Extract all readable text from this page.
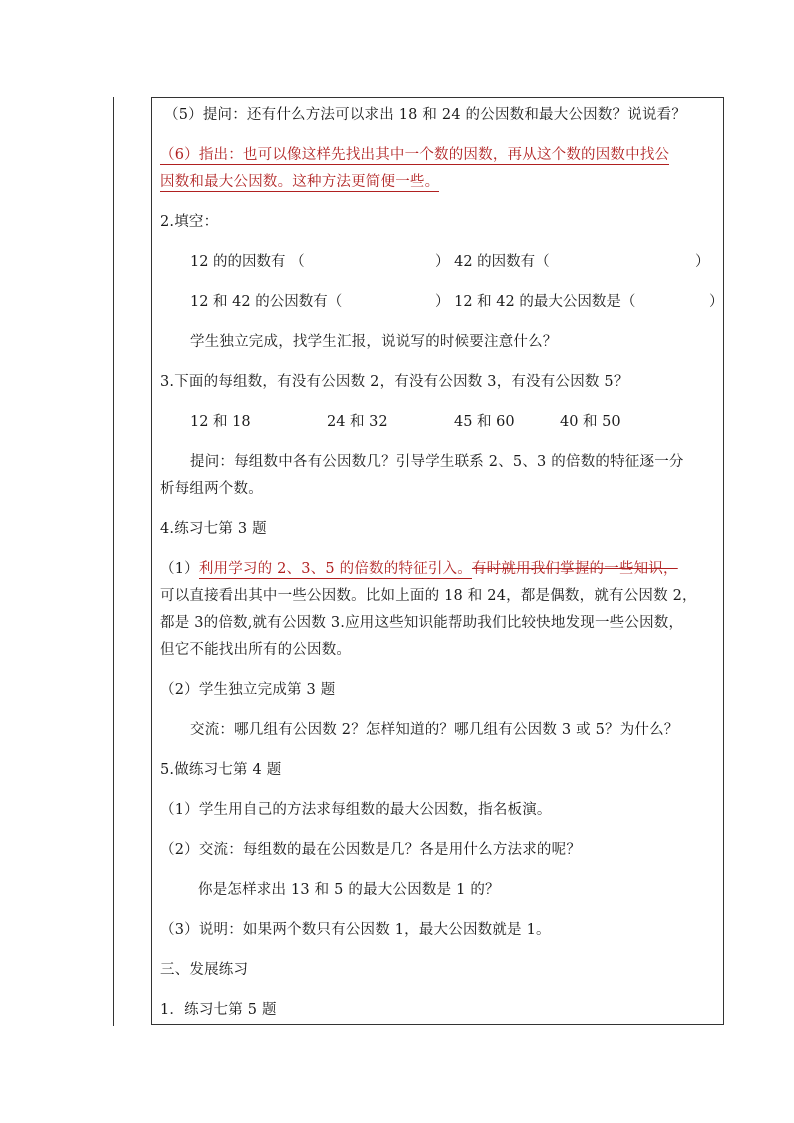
（5）提问：还有什么方法可以求出 18 和 24 的公因数和最大公因数？说说看？
（6）指出：也可以像这样先找出其中一个数的因数，再从这个数的因数中找公
因数和最大公因数。这种方法更简便一些。
2.填空：
12 的的因数有 （	） 42 的因数有（	）
12 和 42 的公因数有（	） 12 和 42 的最大公因数是（	）
学生独立完成，找学生汇报，说说写的时候要注意什么？
3.下面的每组数，有没有公因数 2，有没有公因数 3，有没有公因数 5？
12 和 18	24 和 32	45 和 60	40 和 50
提问：每组数中各有公因数几？引导学生联系 2、5、3 的倍数的特征逐一分
析每组两个数。
4.练习七第 3 题
（1）利用学习的 2、3、5 的倍数的特征引入。有时就用我们掌握的一些知识，
可以直接看出其中一些公因数。比如上面的 18 和 24，都是偶数，就有公因数 2，
都是 3的倍数,就有公因数 3.应用这些知识能帮助我们比较快地发现一些公因数，
但它不能找出所有的公因数。
（2）学生独立完成第 3 题
交流：哪几组有公因数 2？怎样知道的？哪几组有公因数 3 或 5？为什么？
5.做练习七第 4 题
（1）学生用自己的方法求每组数的最大公因数，指名板演。
（2）交流：每组数的最在公因数是几？各是用什么方法求的呢？
你是怎样求出 13 和 5 的最大公因数是 1 的？
（3）说明：如果两个数只有公因数 1，最大公因数就是 1。
三、发展练习
1．练习七第 5 题
